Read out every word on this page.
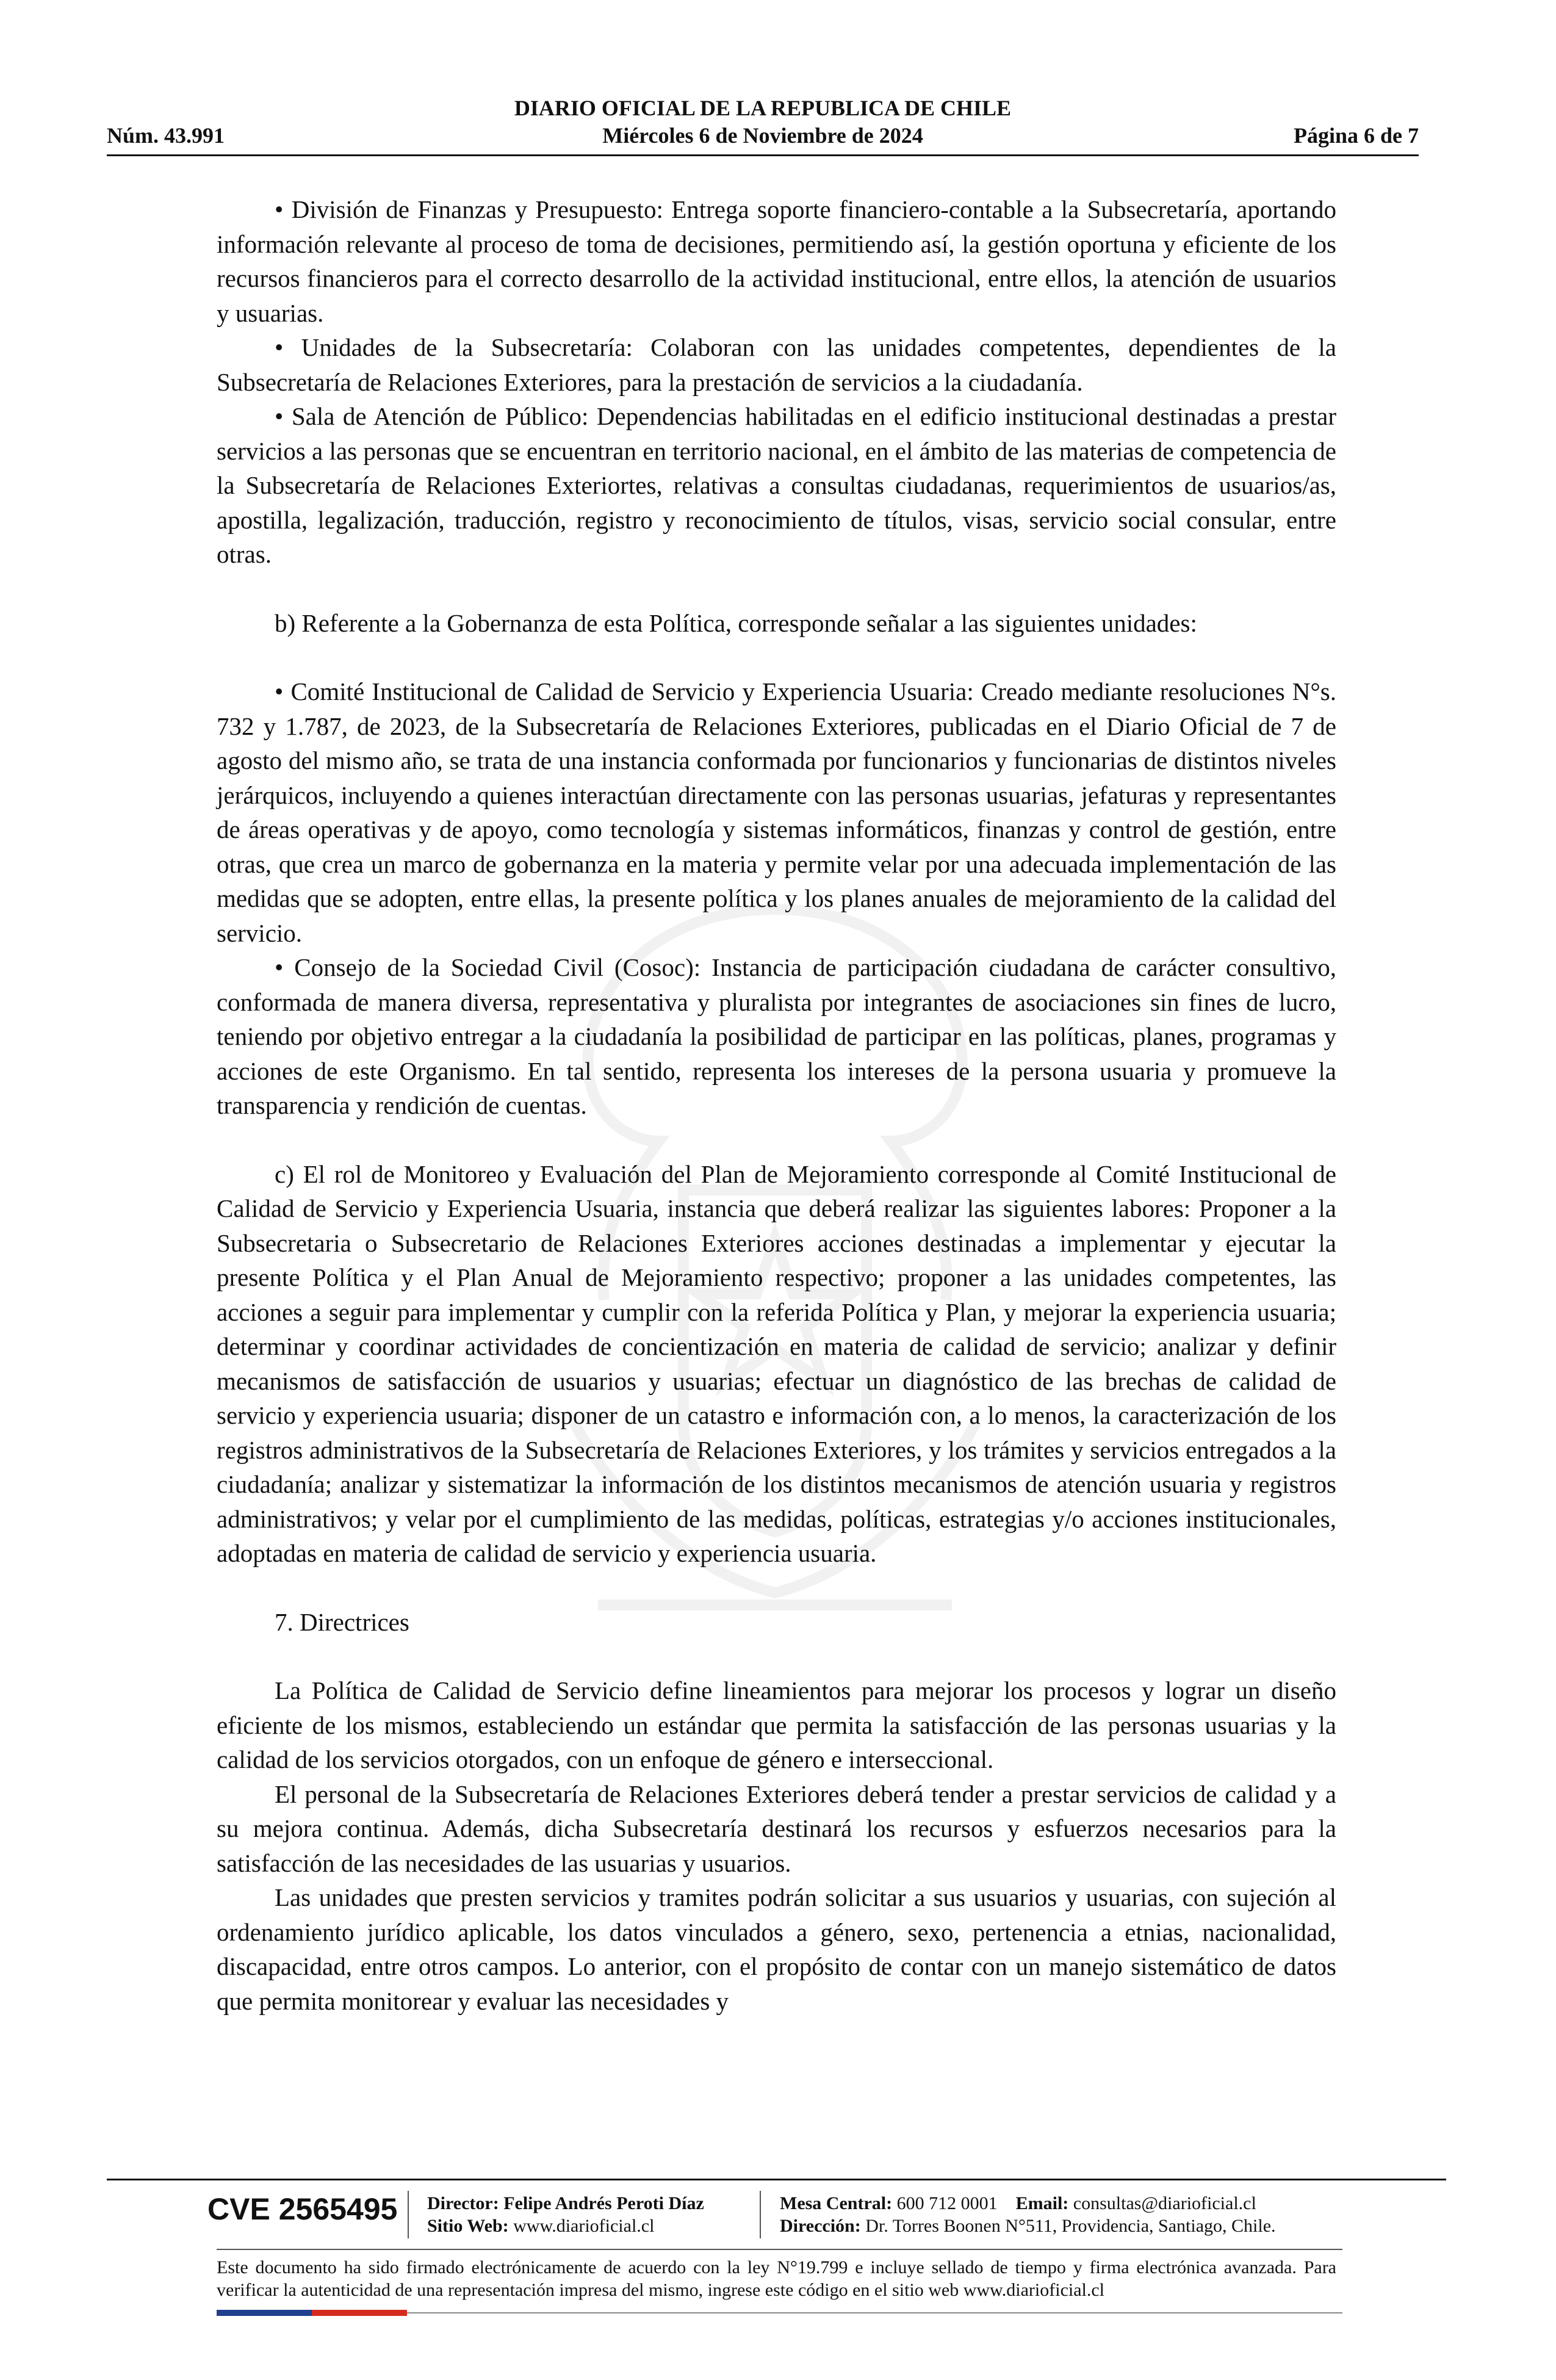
DIARIO OFICIAL DE LA REPUBLICA DE CHILE
Núm. 43.991	Miércoles 6 de Noviembre de 2024	Página 6 de 7

• División de Finanzas y Presupuesto: Entrega soporte financiero-contable a la Subsecretaría, aportando información relevante al proceso de toma de decisiones, permitiendo así, la gestión oportuna y eficiente de los recursos financieros para el correcto desarrollo de la actividad institucional, entre ellos, la atención de usuarios y usuarias.

• Unidades de la Subsecretaría: Colaboran con las unidades competentes, dependientes de la Subsecretaría de Relaciones Exteriores, para la prestación de servicios a la ciudadanía.

• Sala de Atención de Público: Dependencias habilitadas en el edificio institucional destinadas a prestar servicios a las personas que se encuentran en territorio nacional, en el ámbito de las materias de competencia de la Subsecretaría de Relaciones Exteriortes, relativas a consultas ciudadanas, requerimientos de usuarios/as, apostilla, legalización, traducción, registro y reconocimiento de títulos, visas, servicio social consular, entre otras.

b) Referente a la Gobernanza de esta Política, corresponde señalar a las siguientes unidades:

• Comité Institucional de Calidad de Servicio y Experiencia Usuaria: Creado mediante resoluciones N°s. 732 y 1.787, de 2023, de la Subsecretaría de Relaciones Exteriores, publicadas en el Diario Oficial de 7 de agosto del mismo año, se trata de una instancia conformada por funcionarios y funcionarias de distintos niveles jerárquicos, incluyendo a quienes interactúan directamente con las personas usuarias, jefaturas y representantes de áreas operativas y de apoyo, como tecnología y sistemas informáticos, finanzas y control de gestión, entre otras, que crea un marco de gobernanza en la materia y permite velar por una adecuada implementación de las medidas que se adopten, entre ellas, la presente política y los planes anuales de mejoramiento de la calidad del servicio.

• Consejo de la Sociedad Civil (Cosoc): Instancia de participación ciudadana de carácter consultivo, conformada de manera diversa, representativa y pluralista por integrantes de asociaciones sin fines de lucro, teniendo por objetivo entregar a la ciudadanía la posibilidad de participar en las políticas, planes, programas y acciones de este Organismo. En tal sentido, representa los intereses de la persona usuaria y promueve la transparencia y rendición de cuentas.

c) El rol de Monitoreo y Evaluación del Plan de Mejoramiento corresponde al Comité Institucional de Calidad de Servicio y Experiencia Usuaria, instancia que deberá realizar las siguientes labores: Proponer a la Subsecretaria o Subsecretario de Relaciones Exteriores acciones destinadas a implementar y ejecutar la presente Política y el Plan Anual de Mejoramiento respectivo; proponer a las unidades competentes, las acciones a seguir para implementar y cumplir con la referida Política y Plan, y mejorar la experiencia usuaria; determinar y coordinar actividades de concientización en materia de calidad de servicio; analizar y definir mecanismos de satisfacción de usuarios y usuarias; efectuar un diagnóstico de las brechas de calidad de servicio y experiencia usuaria; disponer de un catastro e información con, a lo menos, la caracterización de los registros administrativos de la Subsecretaría de Relaciones Exteriores, y los trámites y servicios entregados a la ciudadanía; analizar y sistematizar la información de los distintos mecanismos de atención usuaria y registros administrativos; y velar por el cumplimiento de las medidas, políticas, estrategias y/o acciones institucionales, adoptadas en materia de calidad de servicio y experiencia usuaria.

7. Directrices

La Política de Calidad de Servicio define lineamientos para mejorar los procesos y lograr un diseño eficiente de los mismos, estableciendo un estándar que permita la satisfacción de las personas usuarias y la calidad de los servicios otorgados, con un enfoque de género e interseccional.

El personal de la Subsecretaría de Relaciones Exteriores deberá tender a prestar servicios de calidad y a su mejora continua. Además, dicha Subsecretaría destinará los recursos y esfuerzos necesarios para la satisfacción de las necesidades de las usuarias y usuarios.

Las unidades que presten servicios y tramites podrán solicitar a sus usuarios y usuarias, con sujeción al ordenamiento jurídico aplicable, los datos vinculados a género, sexo, pertenencia a etnias, nacionalidad, discapacidad, entre otros campos. Lo anterior, con el propósito de contar con un manejo sistemático de datos que permita monitorear y evaluar las necesidades y

CVE 2565495 Director: Felipe Andrés Peroti Díaz
Sitio Web: www.diarioficial.cl
Mesa Central: 600 712 0001 Email: consultas@diarioficial.cl
Dirección: Dr. Torres Boonen N°511, Providencia, Santiago, Chile.
Este documento ha sido firmado electrónicamente de acuerdo con la ley N°19.799 e incluye sellado de tiempo y firma electrónica avanzada. Para verificar la autenticidad de una representación impresa del mismo, ingrese este código en el sitio web www.diarioficial.cl
